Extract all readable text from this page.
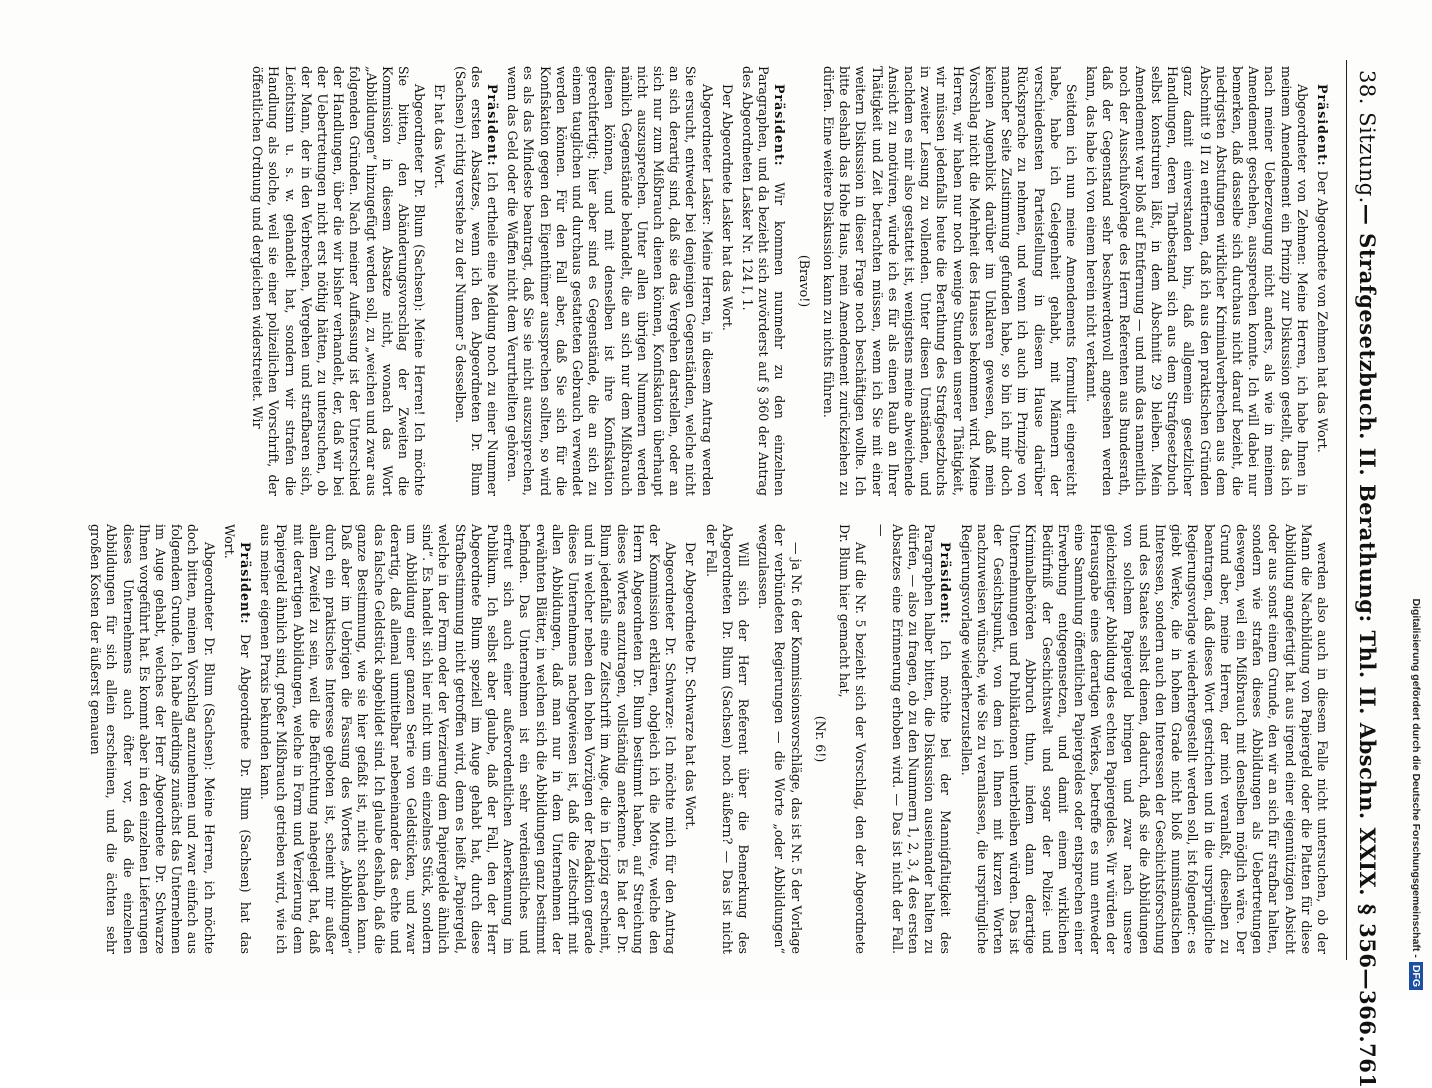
38. Sitzung.
— Strafgesetzbuch. II. Berathung: Thl. II. Abschn. XXIX. § 356—366.
761

Präsident: Der Abgeordnete von Zehmen hat das Wort.

Abgeordneter von Zehmen: Meine Herren, ich habe Ihnen in meinem Amendement ein Prinzip zur Diskussion gestellt, das ich nach meiner Ueberzeugung nicht anders, als wie in meinem Amendement geschehen, aussprechen konnte. Ich will dabei nur bemerken, daß dasselbe sich durchaus nicht darauf bezieht, die niedrigsten Abstufungen wirklicher Kriminalverbrechen aus dem Abschnitt 9 II zu entfernen, daß ich aus den praktischen Gründen ganz damit einverstanden bin, daß allgemein gesetzlicher Handlungen, deren Thatbestand sich aus dem Strafgesetzbuch selbst konstruiren läßt, in dem Abschnitt 29 bleiben. Mein Amendement war bloß auf Entfernung — und muß das namentlich noch der Ausschußvorlage des Herrn Referenten aus Bundesrath, daß der Gegenstand sehr beschwerdenvoll angesehen werden kann, das habe ich von einem herein nicht verkannt.

Seitdem ich nun meine Amendements formulirt eingereicht habe, habe ich Gelegenheit gehabt, mit Männern der verschiedensten Parteistellung in diesem Hause darüber Rücksprache zu nehmen, und wenn ich auch im Prinzipe von mancher Seite Zustimmung gefunden habe, so bin ich mir doch keinen Augenblick darüber im Unklaren gewesen, daß mein Vorschlag nicht die Mehrheit des Hauses bekommen wird. Meine Herren, wir haben nur noch wenige Stunden unserer Thätigkeit, wir müssen jedenfalls heute die Berathung des Strafgesetzbuchs in zweiter Lesung zu vollenden. Unter diesen Umständen, und nachdem es mir also gestattet ist, wenigstens meine abweichende Ansicht zu motiviren, würde ich es für als einen Raub an Ihrer Thätigkeit und Zeit betrachten müssen, wenn ich Sie mit einer weitern Diskussion in dieser Frage noch beschäftigen wollte. Ich bitte deshalb das Hohe Haus, mein Amendement zurückziehen zu dürfen. Eine weitere Diskussion kann zu nichts führen.

(Bravo!)

Präsident: Wir kommen nunmehr zu den einzelnen Paragraphen, und da bezieht sich zuvörderst auf § 360 der Antrag des Abgeordneten Lasker Nr. 124 I, 1.

Der Abgeordnete Lasker hat das Wort.

Abgeordneter Lasker: Meine Herren, in diesem Antrag werden Sie ersucht, entweder bei denjenigen Gegenständen, welche nicht an sich derartig sind, daß sie das Vergehen darstellen, oder an sich nur zum Mißbrauch dienen können, Konfiskation überhaupt nicht auszusprechen. Unter allen übrigen Nummern werden nämlich Gegenstände behandelt, die an sich nur dem Mißbrauch dienen können, und mit denselben ist ihre Konfiskation gerechtfertigt; hier aber sind es Gegenstände, die an sich zu einem tauglichen und durchaus gestatteten Gebrauch verwendet werden können. Für den Fall aber, daß Sie sich für die Konfiskation gegen den Eigenthümer aussprechen sollten, so wird es als das Mindeste beantragt, daß Sie sie nicht auszusprechen, wenn das Geld oder die Waffen nicht dem Verurtheilten gehören.

Präsident: Ich ertheile eine Meldung noch zu einer Nummer des ersten Absatzes, wenn ich den Abgeordneten Dr. Blum (Sachsen) richtig verstehe zu der Nummer 5 desselben.

Er hat das Wort.

Abgeordneter Dr. Blum (Sachsen): Meine Herren! Ich möchte Sie bitten, den Abänderungsvorschlag der Zweiten die Kommission in diesem Absatze nicht, wonach das Wort „Abbildungen“ hinzugefügt werden soll, zu „weichen und zwar aus folgenden Gründen. Nach meiner Auffassung ist der Unterschied der Handlungen, über die wir bisher verhandelt, der, daß wir bei der Uebertretungen nicht erst nöthig hätten, zu untersuchen, ob der Mann, der in den Verbrechen, Vergehen und strafbaren sich, Leichtsinn u. s. w. gehandelt hat, sondern wir strafen die Handlung als solche, weil sie einer polizeilichen Vorschrift, der öffentlichen Ordnung und dergleichen widerstreitet. Wir

werden also auch in diesem Falle nicht untersuchen, ob der Mann die Nachbildung von Papiergeld oder die Platten für diese Abbildung angefertigt hat aus irgend einer eigennützigen Absicht oder aus sonst einem Grunde, den wir an sich für strafbar halten, sondern wie strafen dieses Abbildungen als Uebertretungen deswegen, weil ein Mißbrauch mit denselben möglich wäre. Der Grund aber, meine Herren, der mich veranlaßt, dieselben zu beantragen, daß dieses Wort gestrichen und in die ursprüngliche Regierungsvorlage wiederhergestellt werden soll, ist folgender: es giebt Werke, die in hohem Grade nicht bloß numismatischen Interessen, sondern auch den Interessen der Geschichtsforschung und des Staates selbst dienen, dadurch, daß sie die Abbildungen von solchem Papiergeld bringen und zwar nach unsere gleichzeitiger Abbildung des echten Papiergeldes. Wir würden der Herausgabe eines derartigen Werkes, betreffe es nun entweder eine Sammlung öffentlichen Papiergeldes oder entsprechen einer Erwerbung entgegensetzen, und damit einem wirklichen Bedürfniß der Geschichtswelt und sogar der Polizei- und Kriminalbehörden Abbruch thun, indem dann derartige Unternehmungen und Publikationen unterbleiben würden. Das ist der Gesichtspunkt, von dem ich Ihnen mit kurzen Worten nachzuweisen wünsche, wie Sie zu veranlassen, die ursprüngliche Regierungsvorlage wiederherzustellen.

Präsident: Ich möchte bei der Mannigfaltigkeit des Paragraphen halber bitten, die Diskussion auseinander halten zu dürfen, — also zu fragen, ob zu den Nummern 1, 2, 3, 4 des ersten Absatzes eine Erinnerung erhoben wird. — Das ist nicht der Fall. —

Auf die Nr. 5 bezieht sich der Vorschlag, den der Abgeordnete Dr. Blum hier gemacht hat,

(Nr. 6!)

— ja Nr. 6 der Kommissionsvorschläge, das ist Nr. 5 der Vorlage der verbündeten Regierungen — die Worte „oder Abbildungen“ wegzulassen.

Will sich der Herr Referent über die Bemerkung des Abgeordneten Dr. Blum (Sachsen) noch äußern? — Das ist nicht der Fall.

Der Abgeordnete Dr. Schwarze hat das Wort.

Abgeordneter Dr. Schwarze: Ich möchte mich für den Antrag der Kommission erklären, obgleich ich die Motive, welche den Herrn Abgeordneten Dr. Blum bestimmt haben, auf Streichung dieses Wortes anzutragen, vollständig anerkenne. Es hat der Dr. Blum jedenfalls eine Zeitschrift im Auge, die in Leipzig erscheint, und in welcher neben den hohen Vorzügen der Redaktion gerade dieses Unternehmens nachgewiesen ist, daß die Zeitschrift mit allen Abbildungen, daß man nur in dem Unternehmen der erwähnten Blätter, in welchen sich die Abbildungen ganz bestimmt befinden. Das Unternehmen ist ein sehr verdienstliches und erfreut sich auch einer außerordentlichen Anerkennung im Publikum. Ich selbst aber glaube, daß der Fall, den der Herr Abgeordnete Blum speziell im Auge gehabt hat, durch diese Strafbestimmung nicht getroffen wird, denn es heißt „Papiergeld, welche in der Form oder der Verzierung dem Papiergelde ähnlich sind“. Es handelt sich hier nicht um ein einzelnes Stück, sondern um Abbildung einer ganzen Serie von Geldstücken, und zwar derartig, daß allemal unmittelbar nebeneinander das echte und das falsche Geldstück abgebildet sind. Ich glaube deshalb, daß die ganze Bestimmung, wie sie hier gefaßt ist, nicht schaden kann. Daß aber im Uebrigen die Fassung des Wortes „Abbildungen“ durch ein praktisches Interesse geboten ist, scheint mir außer allem Zweifel zu sein, weil die Befürchtung nahegelegt hat, daß mit derartigen Abbildungen, welche in Form und Verzierung dem Papiergeld ähnlich sind, großer Mißbrauch getrieben wird, wie ich aus meiner eigenen Praxis bekunden kann.

Präsident: Der Abgeordnete Dr. Blum (Sachsen) hat das Wort.

Abgeordneter Dr. Blum (Sachsen): Meine Herren, ich möchte doch bitten, meinen Vorschlag anzunehmen und zwar einfach aus folgendem Grunde. Ich habe allerdings zunächst das Unternehmen im Auge gehabt, welches der Herr Abgeordnete Dr. Schwarze Ihnen vorgeführt hat. Es kommt aber in den einzelnen Lieferungen dieses Unternehmens auch öfter vor, daß die einzelnen Abbildungen für sich allein erscheinen, und die ächten sehr großen Kosten der äußerst genauen	Digitalisierung gefördert durch die Deutsche Forschungsgemeinschaft -DFG
